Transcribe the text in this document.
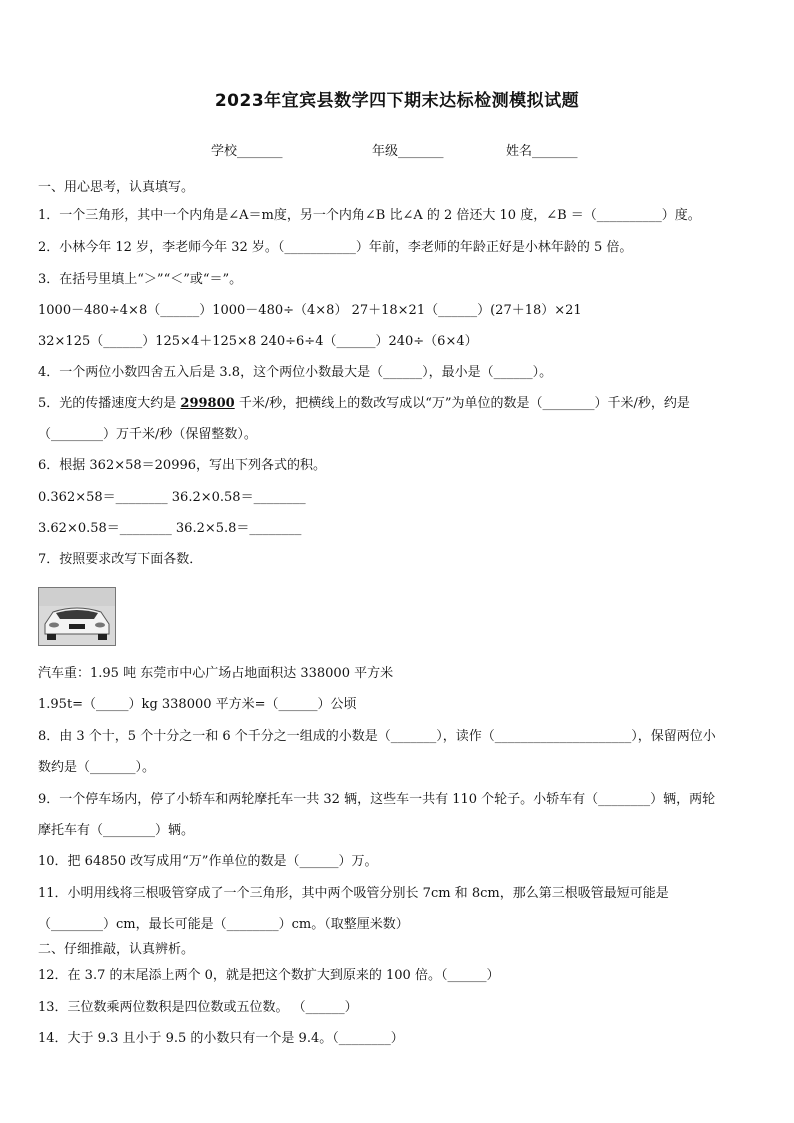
2023年宜宾县数学四下期末达标检测模拟试题
学校_______	年级_______	姓名_______
一、用心思考，认真填写。
1．一个三角形，其中一个内角是∠A＝m度，另一个内角∠B 比∠A 的 2 倍还大 10 度，∠B ＝（__________）度。
2．小林今年 12 岁，李老师今年 32 岁。（___________）年前，李老师的年龄正好是小林年龄的 5 倍。
3．在括号里填上“＞”“＜”或“＝”。
1000－480÷4×8（______）1000－480÷（4×8） 27＋18×21（______）(27＋18）×21
32×125（______）125×4＋125×8 240÷6÷4（______）240÷（6×4）
4．一个两位小数四舍五入后是 3.8，这个两位小数最大是（______），最小是（______）。
5．光的传播速度大约是 299800 千米/秒，把横线上的数改写成以“万”为单位的数是（________）千米/秒，约是
（________）万千米/秒（保留整数）。
6．根据 362×58＝20996，写出下列各式的积。
0.362×58＝________ 36.2×0.58＝________
3.62×0.58＝________ 36.2×5.8＝________
7．按照要求改写下面各数．
汽车重：1.95 吨 东莞市中心广场占地面积达 338000 平方米
1.95t=（_____）kg 338000 平方米=（______）公顷
8．由 3 个十，5 个十分之一和 6 个千分之一组成的小数是（_______），读作（_____________________），保留两位小
数约是（_______）。
9．一个停车场内，停了小轿车和两轮摩托车一共 32 辆，这些车一共有 110 个轮子。小轿车有（________）辆，两轮
摩托车有（________）辆。
10．把 64850 改写成用“万”作单位的数是（______）万。
11．小明用线将三根吸管穿成了一个三角形，其中两个吸管分别长 7cm 和 8cm，那么第三根吸管最短可能是
（________）cm，最长可能是（________）cm。（取整厘米数）
二、仔细推敲，认真辨析。
12．在 3.7 的末尾添上两个 0，就是把这个数扩大到原来的 100 倍。（______）
13．三位数乘两位数积是四位数或五位数。 （______）
14．大于 9.3 且小于 9.5 的小数只有一个是 9.4。（________）
